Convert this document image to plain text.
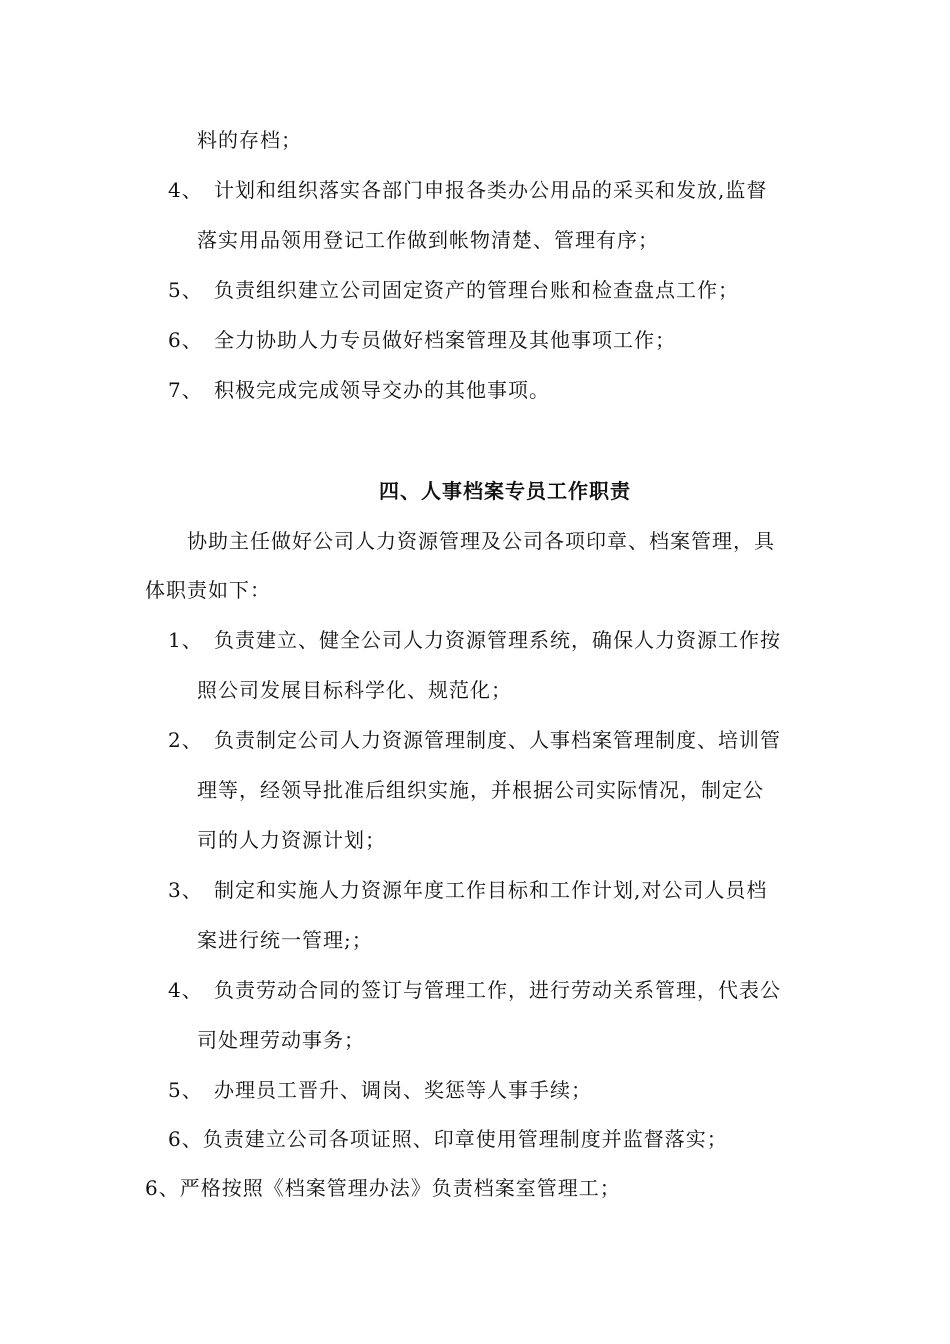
料的存档；
4、 计划和组织落实各部门申报各类办公用品的采买和发放,监督
落实用品领用登记工作做到帐物清楚、管理有序；
5、 负责组织建立公司固定资产的管理台账和检查盘点工作；
6、 全力协助人力专员做好档案管理及其他事项工作；
7、 积极完成完成领导交办的其他事项。
四、人事档案专员工作职责
协助主任做好公司人力资源管理及公司各项印章、档案管理，具
体职责如下：
1、 负责建立、健全公司人力资源管理系统，确保人力资源工作按
照公司发展目标科学化、规范化；
2、 负责制定公司人力资源管理制度、人事档案管理制度、培训管
理等，经领导批准后组织实施，并根据公司实际情况，制定公
司的人力资源计划；
3、 制定和实施人力资源年度工作目标和工作计划,对公司人员档
案进行统一管理;；
4、 负责劳动合同的签订与管理工作，进行劳动关系管理，代表公
司处理劳动事务；
5、 办理员工晋升、调岗、奖惩等人事手续；
6、负责建立公司各项证照、印章使用管理制度并监督落实；
6、严格按照《档案管理办法》负责档案室管理工；
